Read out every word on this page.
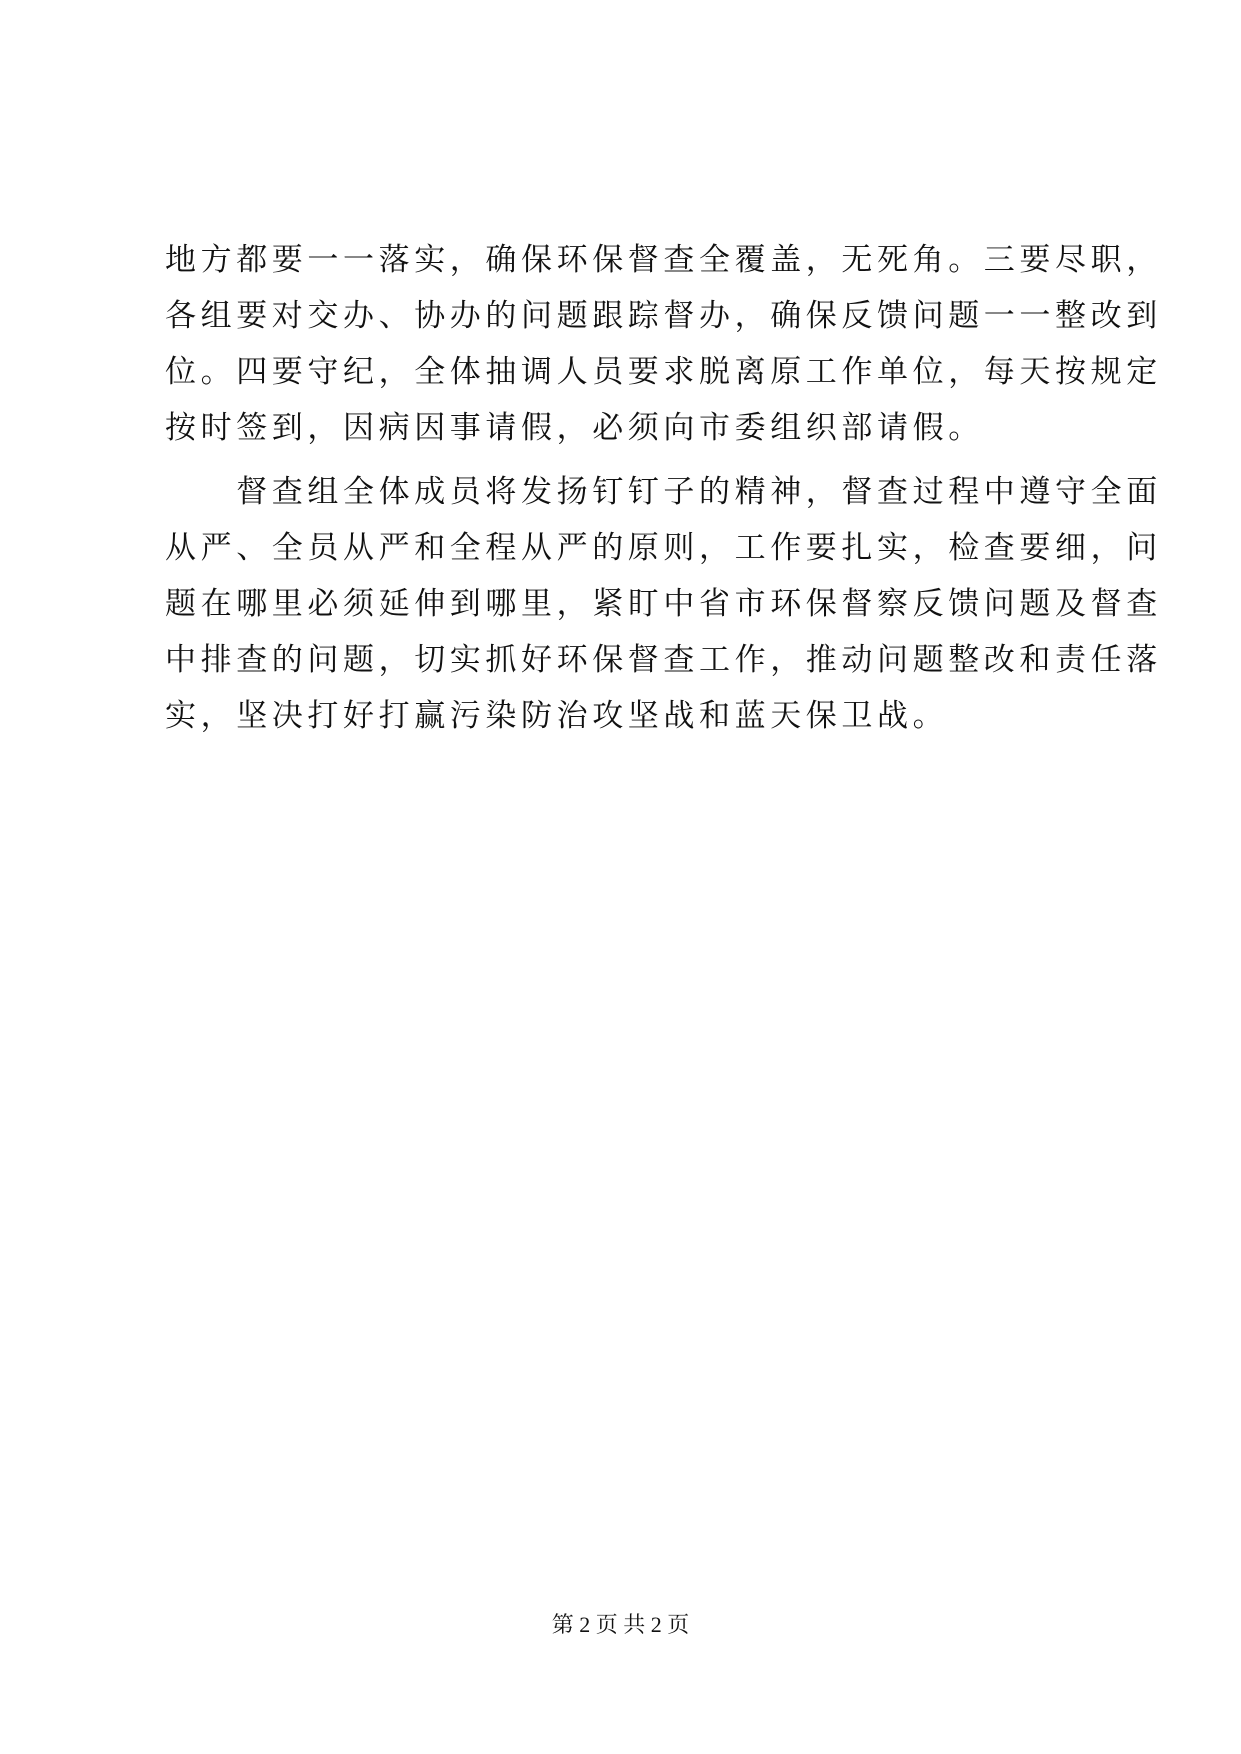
地方都要一一落实，确保环保督查全覆盖，无死角。三要尽职，
各组要对交办、协办的问题跟踪督办，确保反馈问题一一整改到
位。四要守纪，全体抽调人员要求脱离原工作单位，每天按规定
按时签到，因病因事请假，必须向市委组织部请假。

　　督查组全体成员将发扬钉钉子的精神，督查过程中遵守全面
从严、全员从严和全程从严的原则，工作要扎实，检查要细，问
题在哪里必须延伸到哪里，紧盯中省市环保督察反馈问题及督查
中排查的问题，切实抓好环保督查工作，推动问题整改和责任落
实，坚决打好打赢污染防治攻坚战和蓝天保卫战。

第 2 页 共 2 页
